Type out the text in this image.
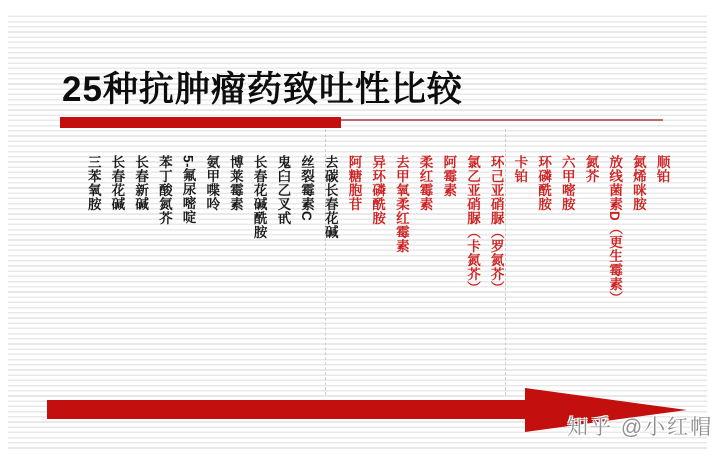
25种抗肿瘤药致吐性比较
三苯氧胺 长春花碱 长春新碱 苯丁酸氮芥 5-氟尿嘧啶 氨甲喋呤 博莱霉素 长春花碱酰胺 鬼臼乙叉甙 丝裂霉素C 去碳长春花碱 阿糖胞苷 异环磷酰胺 去甲氧柔红霉素 柔红霉素 阿霉素 氯乙亚硝脲（卡氮芥） 环己亚硝脲（罗氮芥） 卡铂 环磷酰胺 六甲嘧胺 氮芥 放线菌素D（更生霉素） 氮烯咪胺 顺铂
知乎 @小红帽
